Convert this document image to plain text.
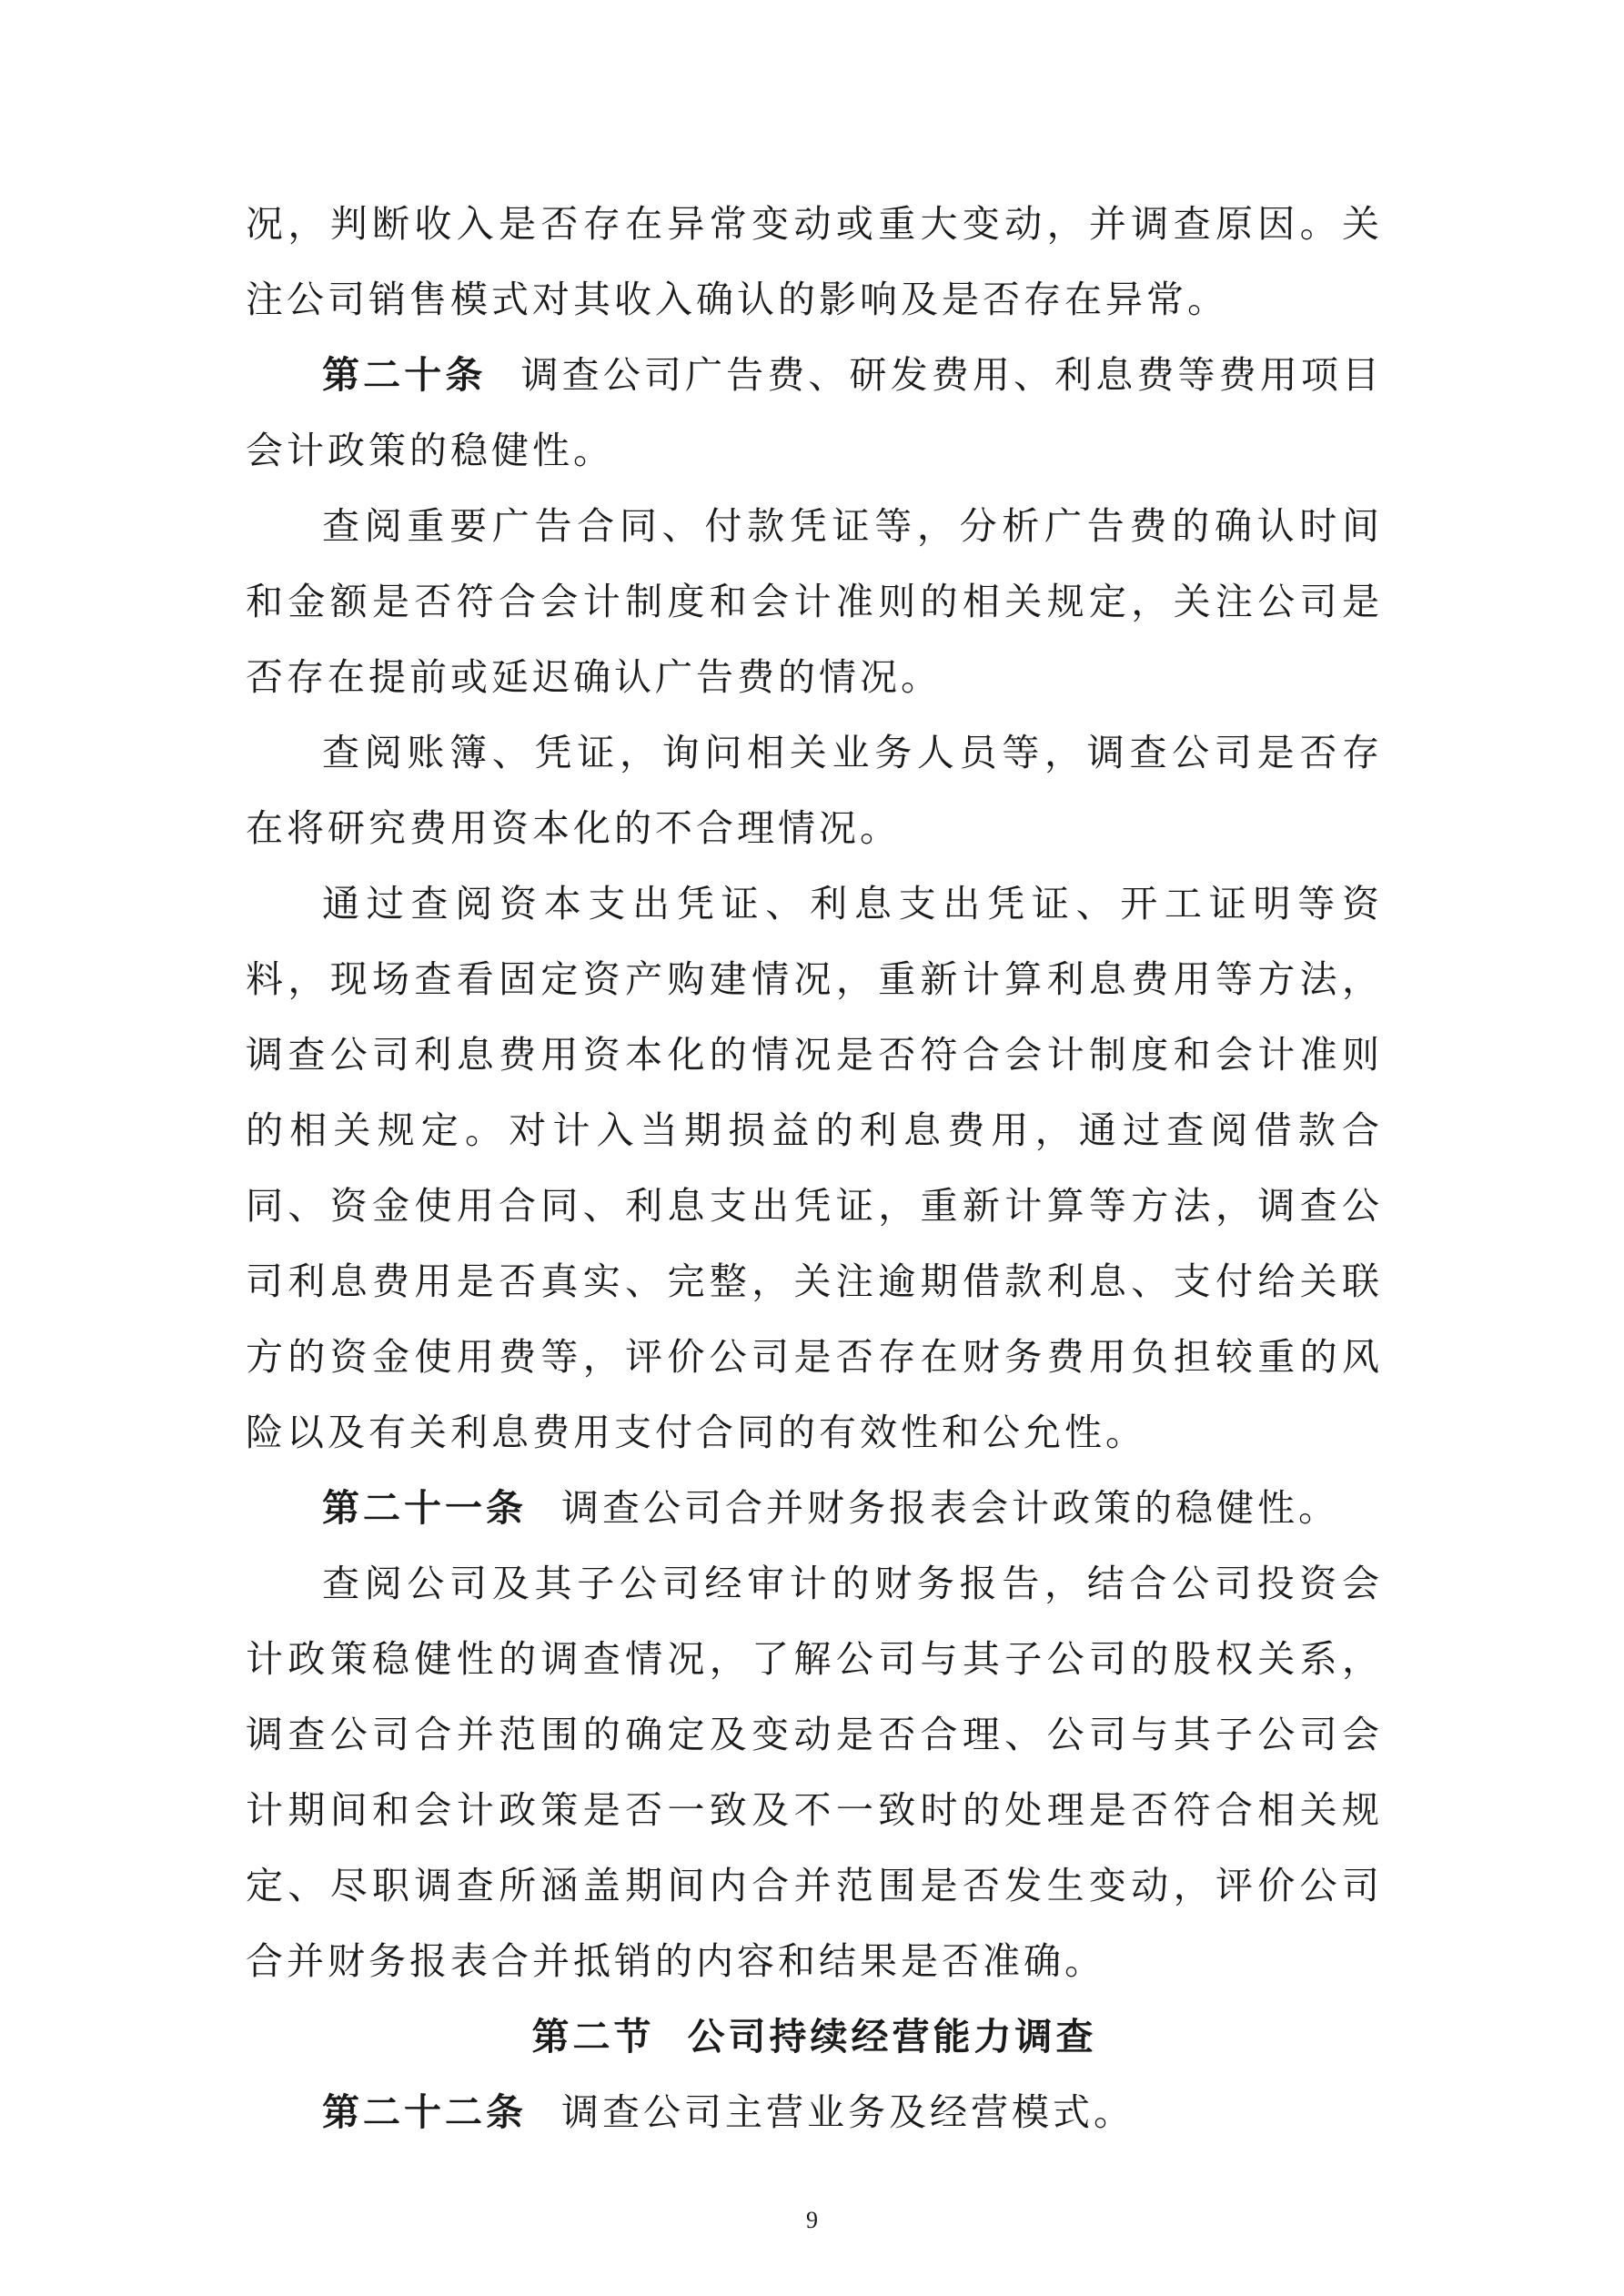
况，判断收入是否存在异常变动或重大变动，并调查原因。关注公司销售模式对其收入确认的影响及是否存在异常。

第二十条 调查公司广告费、研发费用、利息费等费用项目会计政策的稳健性。

查阅重要广告合同、付款凭证等，分析广告费的确认时间和金额是否符合会计制度和会计准则的相关规定，关注公司是否存在提前或延迟确认广告费的情况。

查阅账簿、凭证，询问相关业务人员等，调查公司是否存在将研究费用资本化的不合理情况。

通过查阅资本支出凭证、利息支出凭证、开工证明等资料，现场查看固定资产购建情况，重新计算利息费用等方法，调查公司利息费用资本化的情况是否符合会计制度和会计准则的相关规定。对计入当期损益的利息费用，通过查阅借款合同、资金使用合同、利息支出凭证，重新计算等方法，调查公司利息费用是否真实、完整，关注逾期借款利息、支付给关联方的资金使用费等，评价公司是否存在财务费用负担较重的风险以及有关利息费用支付合同的有效性和公允性。

第二十一条 调查公司合并财务报表会计政策的稳健性。

查阅公司及其子公司经审计的财务报告，结合公司投资会计政策稳健性的调查情况，了解公司与其子公司的股权关系，调查公司合并范围的确定及变动是否合理、公司与其子公司会计期间和会计政策是否一致及不一致时的处理是否符合相关规定、尽职调查所涵盖期间内合并范围是否发生变动，评价公司合并财务报表合并抵销的内容和结果是否准确。

第二节 公司持续经营能力调查

第二十二条 调查公司主营业务及经营模式。

9
